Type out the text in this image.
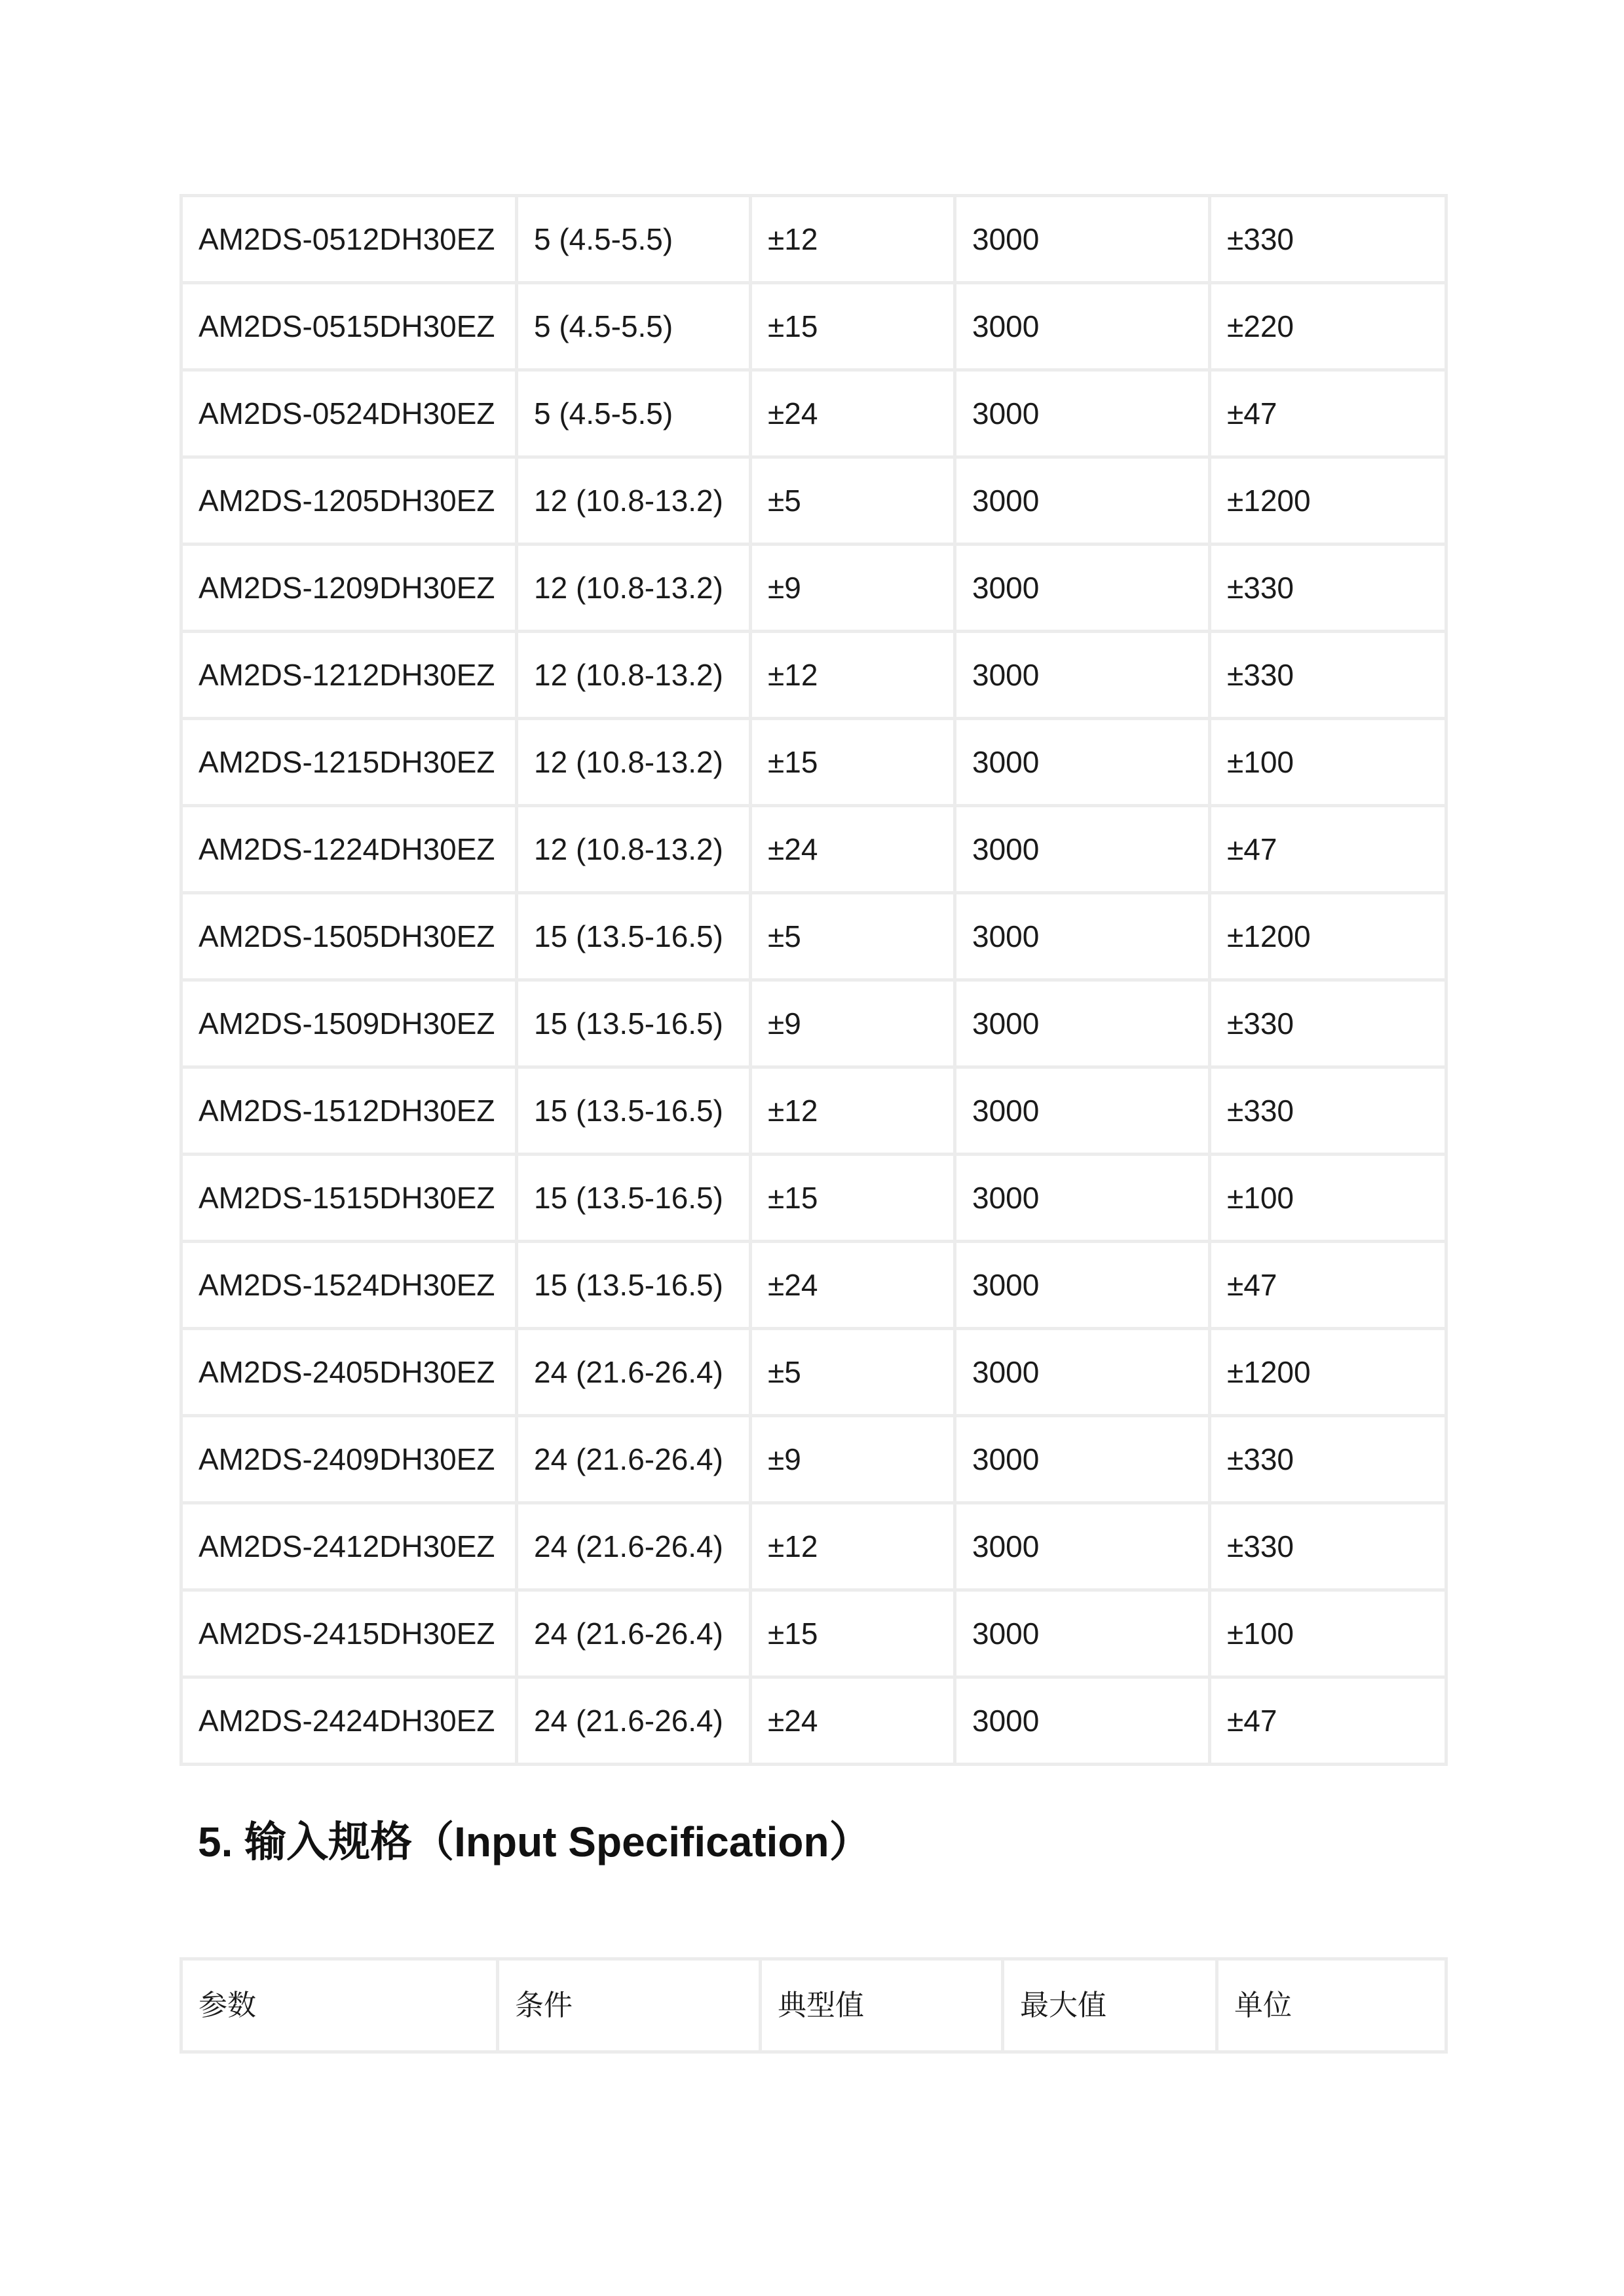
AM2DS-0512DH30EZ	5 (4.5-5.5)	±12	3000	±330
AM2DS-0515DH30EZ	5 (4.5-5.5)	±15	3000	±220
AM2DS-0524DH30EZ	5 (4.5-5.5)	±24	3000	±47
AM2DS-1205DH30EZ	12 (10.8-13.2)	±5	3000	±1200
AM2DS-1209DH30EZ	12 (10.8-13.2)	±9	3000	±330
AM2DS-1212DH30EZ	12 (10.8-13.2)	±12	3000	±330
AM2DS-1215DH30EZ	12 (10.8-13.2)	±15	3000	±100
AM2DS-1224DH30EZ	12 (10.8-13.2)	±24	3000	±47
AM2DS-1505DH30EZ	15 (13.5-16.5)	±5	3000	±1200
AM2DS-1509DH30EZ	15 (13.5-16.5)	±9	3000	±330
AM2DS-1512DH30EZ	15 (13.5-16.5)	±12	3000	±330
AM2DS-1515DH30EZ	15 (13.5-16.5)	±15	3000	±100
AM2DS-1524DH30EZ	15 (13.5-16.5)	±24	3000	±47
AM2DS-2405DH30EZ	24 (21.6-26.4)	±5	3000	±1200
AM2DS-2409DH30EZ	24 (21.6-26.4)	±9	3000	±330
AM2DS-2412DH30EZ	24 (21.6-26.4)	±12	3000	±330
AM2DS-2415DH30EZ	24 (21.6-26.4)	±15	3000	±100
AM2DS-2424DH30EZ	24 (21.6-26.4)	±24	3000	±47
5. 输入规格（Input Specification）
参数	条件	典型值	最大值	单位
